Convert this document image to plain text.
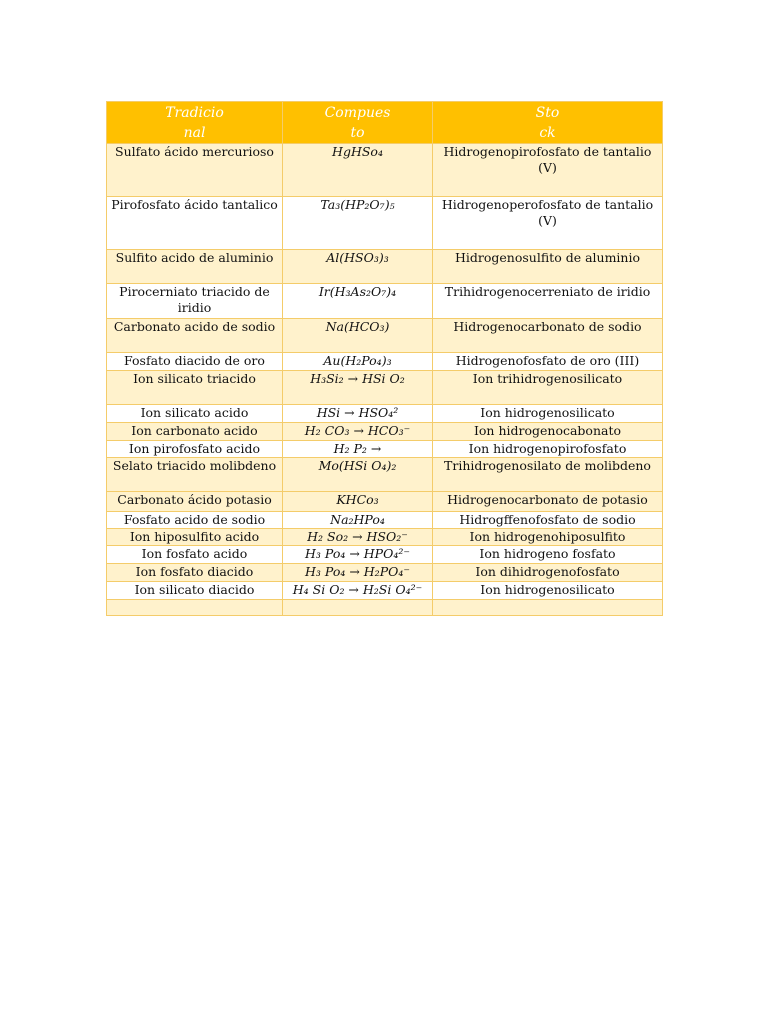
Tradicio nal	Compues to	Sto ck
Sulfato ácido mercurioso	HgHSo₄	Hidrogenopirofosfato de tantalio (V)
Pirofosfato ácido tantalico	Ta₃(HP₂O₇)₅	Hidrogenoperofosfato de tantalio (V)
Sulfito acido de aluminio	Al(HSO₃)₃	Hidrogenosulfito de aluminio
Pirocerniato triacido de iridio	Ir(H₃As₂O₇)₄	Trihidrogenocerreniato de iridio
Carbonato acido de sodio	Na(HCO₃)	Hidrogenocarbonato de sodio
Fosfato diacido de oro	Au(H₂Po₄)₃	Hidrogenofosfato de oro (III)
Ion silicato triacido	H₃Si₂ → HSi O₂	Ion trihidrogenosilicato
Ion silicato acido	HSi → HSO₄²	Ion hidrogenosilicato
Ion carbonato acido	H₂ CO₃ → HCO₃⁻	Ion hidrogenocabonato
Ion pirofosfato acido	H₂ P₂ →	Ion hidrogenopirofosfato
Selato triacido molibdeno	Mo(HSi O₄)₂	Trihidrogenosilato de molibdeno
Carbonato ácido potasio	KHCo₃	Hidrogenocarbonato de potasio
Fosfato acido de sodio	Na₂HPo₄	Hidrogffenofosfato de sodio
Ion hiposulfito acido	H₂ So₂ → HSO₂⁻	Ion hidrogenohiposulfito
Ion fosfato acido	H₃ Po₄ → HPO₄²⁻	Ion hidrogeno fosfato
Ion fosfato diacido	H₃ Po₄ → H₂PO₄⁻	Ion dihidrogenofosfato
Ion silicato diacido	H₄ Si O₂ → H₂Si O₄²⁻	Ion hidrogenosilicato
